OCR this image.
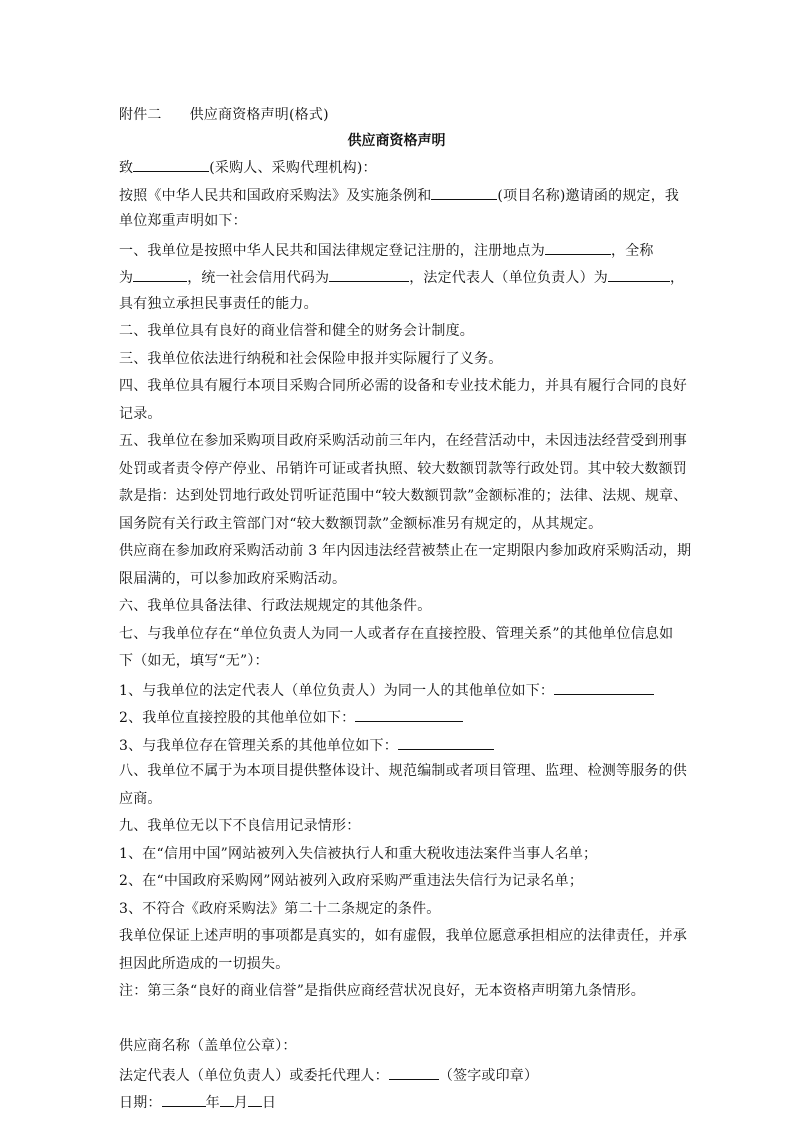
附件二 供应商资格声明(格式)
供应商资格声明
致	(采购人、采购代理机构)：
按照《中华人民共和国政府采购法》及实施条例和	(项目名称)邀请函的规定，我
单位郑重声明如下：
一、我单位是按照中华人民共和国法律规定登记注册的，注册地点为	，全称
为	，统一社会信用代码为	，法定代表人（单位负责人）为	，
具有独立承担民事责任的能力。
二、我单位具有良好的商业信誉和健全的财务会计制度。
三、我单位依法进行纳税和社会保险申报并实际履行了义务。
四、我单位具有履行本项目采购合同所必需的设备和专业技术能力，并具有履行合同的良好
记录。
五、我单位在参加采购项目政府采购活动前三年内，在经营活动中，未因违法经营受到刑事
处罚或者责令停产停业、吊销许可证或者执照、较大数额罚款等行政处罚。其中较大数额罚
款是指：达到处罚地行政处罚听证范围中“较大数额罚款”金额标准的；法律、法规、规章、
国务院有关行政主管部门对“较大数额罚款”金额标准另有规定的，从其规定。
供应商在参加政府采购活动前 3 年内因违法经营被禁止在一定期限内参加政府采购活动，期
限届满的，可以参加政府采购活动。
六、我单位具备法律、行政法规规定的其他条件。
七、与我单位存在“单位负责人为同一人或者存在直接控股、管理关系”的其他单位信息如
下（如无，填写“无”）：
1、与我单位的法定代表人（单位负责人）为同一人的其他单位如下：
2、我单位直接控股的其他单位如下：
3、与我单位存在管理关系的其他单位如下：
八、我单位不属于为本项目提供整体设计、规范编制或者项目管理、监理、检测等服务的供
应商。
九、我单位无以下不良信用记录情形：
1、在“信用中国”网站被列入失信被执行人和重大税收违法案件当事人名单；
2、在“中国政府采购网”网站被列入政府采购严重违法失信行为记录名单；
3、不符合《政府采购法》第二十二条规定的条件。
我单位保证上述声明的事项都是真实的，如有虚假，我单位愿意承担相应的法律责任，并承
担因此所造成的一切损失。
注：第三条“良好的商业信誉”是指供应商经营状况良好，无本资格声明第九条情形。
供应商名称（盖单位公章）：
法定代表人（单位负责人）或委托代理人：	（签字或印章）
日期：	年 月 日
